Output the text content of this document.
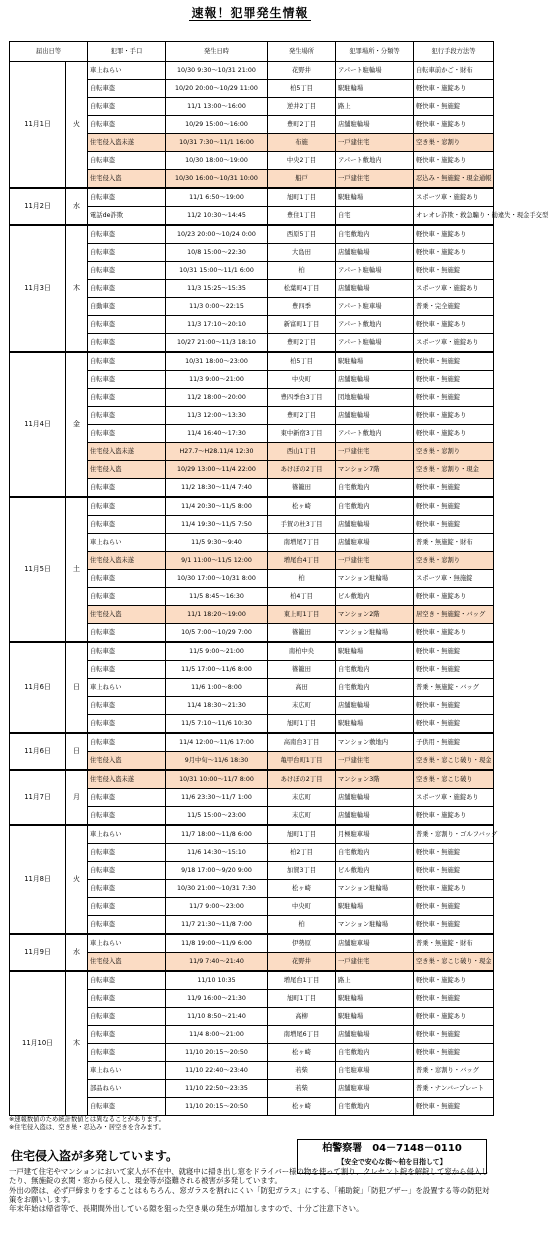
速報！犯罪発生情報
届出日等		犯罪・手口	発生日時	発生場所	犯罪場所・分類等	犯行手段方法等
11月1日	火	車上ねらい	10/30 9:30～10/31 21:00	花野井	アパート駐輪場	自転車前かご・財布
		自転車盗	10/20 20:00～10/29 11:00	柏5丁目	駅駐輪場	軽快車・施錠あり
		自転車盗	11/1 13:00～16:00	逆井2丁目	路上	軽快車・無施錠
		自転車盗	10/29 15:00～16:00	豊町2丁目	店舗駐輪場	軽快車・施錠あり
		住宅侵入盗未遂	10/31 7:30～11/1 16:00	布施	一戸建住宅	空き巣・窓割り
		自転車盗	10/30 18:00～19:00	中央2丁目	アパート敷地内	軽快車・施錠あり
		住宅侵入盗	10/30 16:00～10/31 10:00	船戸	一戸建住宅	忍込み・無施錠・現金通帳
11月2日	水	自転車盗	11/1 6:50～19:00	旭町1丁目	駅駐輪場	スポーツ車・施錠あり
		電話de詐欺	11/2 10:30～14:45	豊住1丁目	自宅	オレオレ詐欺・救急騙り・勧違失・現金手交型
11月3日	木	自転車盗	10/23 20:00～10/24 0:00	西原5丁目	自宅敷地内	軽快車・施錠あり
		自転車盗	10/8 15:00～22:30	大島田	店舗駐輪場	軽快車・施錠あり
		自転車盗	10/31 15:00～11/1 6:00	柏	アパート駐輪場	軽快車・無施錠
		自転車盗	11/3 15:25～15:35	松葉町4丁目	店舗駐輪場	スポーツ車・施錠あり
		自動車盗	11/3 0:00～22:15	豊四季	アパート駐車場	普乗・完全施錠
		自転車盗	11/3 17:10～20:10	新富町1丁目	アパート敷地内	軽快車・施錠あり
		自転車盗	10/27 21:00～11/3 18:10	豊町2丁目	アパート駐輪場	スポーツ車・施錠あり
11月4日	金	自転車盗	10/31 18:00～23:00	柏5丁目	駅駐輪場	軽快車・無施錠
		自転車盗	11/3 9:00～21:00	中央町	店舗駐輪場	軽快車・無施錠
		自転車盗	11/2 18:00～20:00	豊四季台3丁目	団地駐輪場	軽快車・無施錠
		自転車盗	11/3 12:00～13:30	豊町2丁目	店舗駐輪場	軽快車・施錠あり
		自転車盗	11/4 16:40～17:30	東中新宿3丁目	アパート敷地内	軽快車・施錠あり
		住宅侵入盗未遂	H27.7～H28.11/4 12:30	西山1丁目	一戸建住宅	空き巣・窓割り
		住宅侵入盗	10/29 13:00～11/4 22:00	あけぼの2丁目	マンション7階	空き巣・窓割り・現金
		自転車盗	11/2 18:30～11/4 7:40	篠籠田	自宅敷地内	軽快車・無施錠
11月5日	土	自転車盗	11/4 20:30～11/5 8:00	松ヶ崎	自宅敷地内	軽快車・無施錠
		自転車盗	11/4 19:30～11/5 7:50	手賀の杜3丁目	店舗駐輪場	軽快車・無施錠
		車上ねらい	11/5 9:30～9:40	南増尾7丁目	店舗駐車場	普乗・無施錠・財布
		住宅侵入盗未遂	9/1 11:00～11/5 12:00	増尾台4丁目	一戸建住宅	空き巣・窓割り
		自転車盗	10/30 17:00～10/31 8:00	柏	マンション駐輪場	スポーツ車・無施錠
		自転車盗	11/5 8:45～16:30	柏4丁目	ビル敷地内	軽快車・施錠あり
		住宅侵入盗	11/1 18:20～19:00	東上町1丁目	マンション2階	居空き・無施錠・バッグ
		自転車盗	10/5 7:00～10/29 7:00	篠籠田	マンション駐輪場	軽快車・施錠あり
11月6日	日	自転車盗	11/5 9:00～21:00	南柏中央	駅駐輪場	軽快車・無施錠
		自転車盗	11/5 17:00～11/6 8:00	篠籠田	自宅敷地内	軽快車・無施錠
		車上ねらい	11/6 1:00～8:00	高田	自宅敷地内	普乗・無施錠・バッグ
		自転車盗	11/4 18:30～21:30	末広町	店舗駐輪場	軽快車・無施錠
		自転車盗	11/5 7:10～11/6 10:30	旭町1丁目	駅駐輪場	軽快車・無施錠
11月6日	日	自転車盗	11/4 12:00～11/6 17:00	高南台3丁目	マンション敷地内	子供用・無施錠
		住宅侵入盗	9月中旬～11/6 18:30	亀甲台町1丁目	一戸建住宅	空き巣・窓こじ破り・現金
11月7日	月	住宅侵入盗未遂	10/31 10:00～11/7 8:00	あけぼの2丁目	マンション3階	空き巣・窓こじ破り
		自転車盗	11/6 23:30～11/7 1:00	末広町	店舗駐輪場	スポーツ車・施錠あり
		自転車盗	11/5 15:00～23:00	末広町	店舗駐輪場	軽快車・施錠あり
11月8日	火	車上ねらい	11/7 18:00～11/8 6:00	旭町1丁目	月極駐車場	普乗・窓割り・ゴルフバッグ
		自転車盗	11/6 14:30～15:10	柏2丁目	自宅敷地内	軽快車・無施錠
		自転車盗	9/18 17:00～9/20 9:00	加賀3丁目	ビル敷地内	軽快車・無施錠
		自転車盗	10/30 21:00～10/31 7:30	松ヶ崎	マンション駐輪場	軽快車・施錠あり
		自転車盗	11/7 9:00～23:00	中央町	駅駐輪場	軽快車・無施錠
		自転車盗	11/7 21:30～11/8 7:00	柏	マンション駐輪場	軽快車・無施錠
11月9日	水	車上ねらい	11/8 19:00～11/9 6:00	伊勢原	店舗駐車場	普乗・無施錠・財布
		住宅侵入盗	11/9 7:40～21:40	花野井	一戸建住宅	空き巣・窓こじ破り・現金
11月10日	木	自転車盗	11/10 10:35	増尾台1丁目	路上	軽快車・施錠あり
		自転車盗	11/9 16:00～21:30	旭町1丁目	駅駐輪場	軽快車・無施錠
		自転車盗	11/10 8:50～21:40	高柳	駅駐輪場	軽快車・施錠あり
		自転車盗	11/4 8:00～21:00	南増尾6丁目	店舗駐輪場	軽快車・無施錠
		自転車盗	11/10 20:15～20:50	松ヶ崎	自宅敷地内	軽快車・無施錠
		車上ねらい	11/10 22:40～23:40	若柴	自宅駐車場	普乗・窓割り・バッグ
		部品ねらい	11/10 22:50～23:35	若柴	店舗駐車場	普乗・ナンバープレート
		自転車盗	11/10 20:15～20:50	松ヶ崎	自宅敷地内	軽快車・無施錠
※速報数値のため統計数値とは異なることがあります。
※住宅侵入盗は、空き巣・忍込み・居空きを含みます。
柏警察署　04－7148－0110
【安全で安心な街～柏を目指して】
住宅侵入盗が多発しています。

一戸建て住宅やマンションにおいて家人が不在中、就寝中に掃き出し窓をドライバー様の物を使って割り、クレセント錠を解錠して窓から侵入したり、無施錠の玄関・窓から侵入し、現金等が盗難される被害が多発しています。

外出の際は、必ず戸締まりをすることはもちろん、窓ガラスを割れにくい「防犯ガラス」にする、「補助錠」「防犯ブザー」を設置する等の防犯対策をお願いします。

年末年始は帰省等で、長期間外出している隙を狙った空き巣の発生が増加しますので、十分ご注意下さい。
